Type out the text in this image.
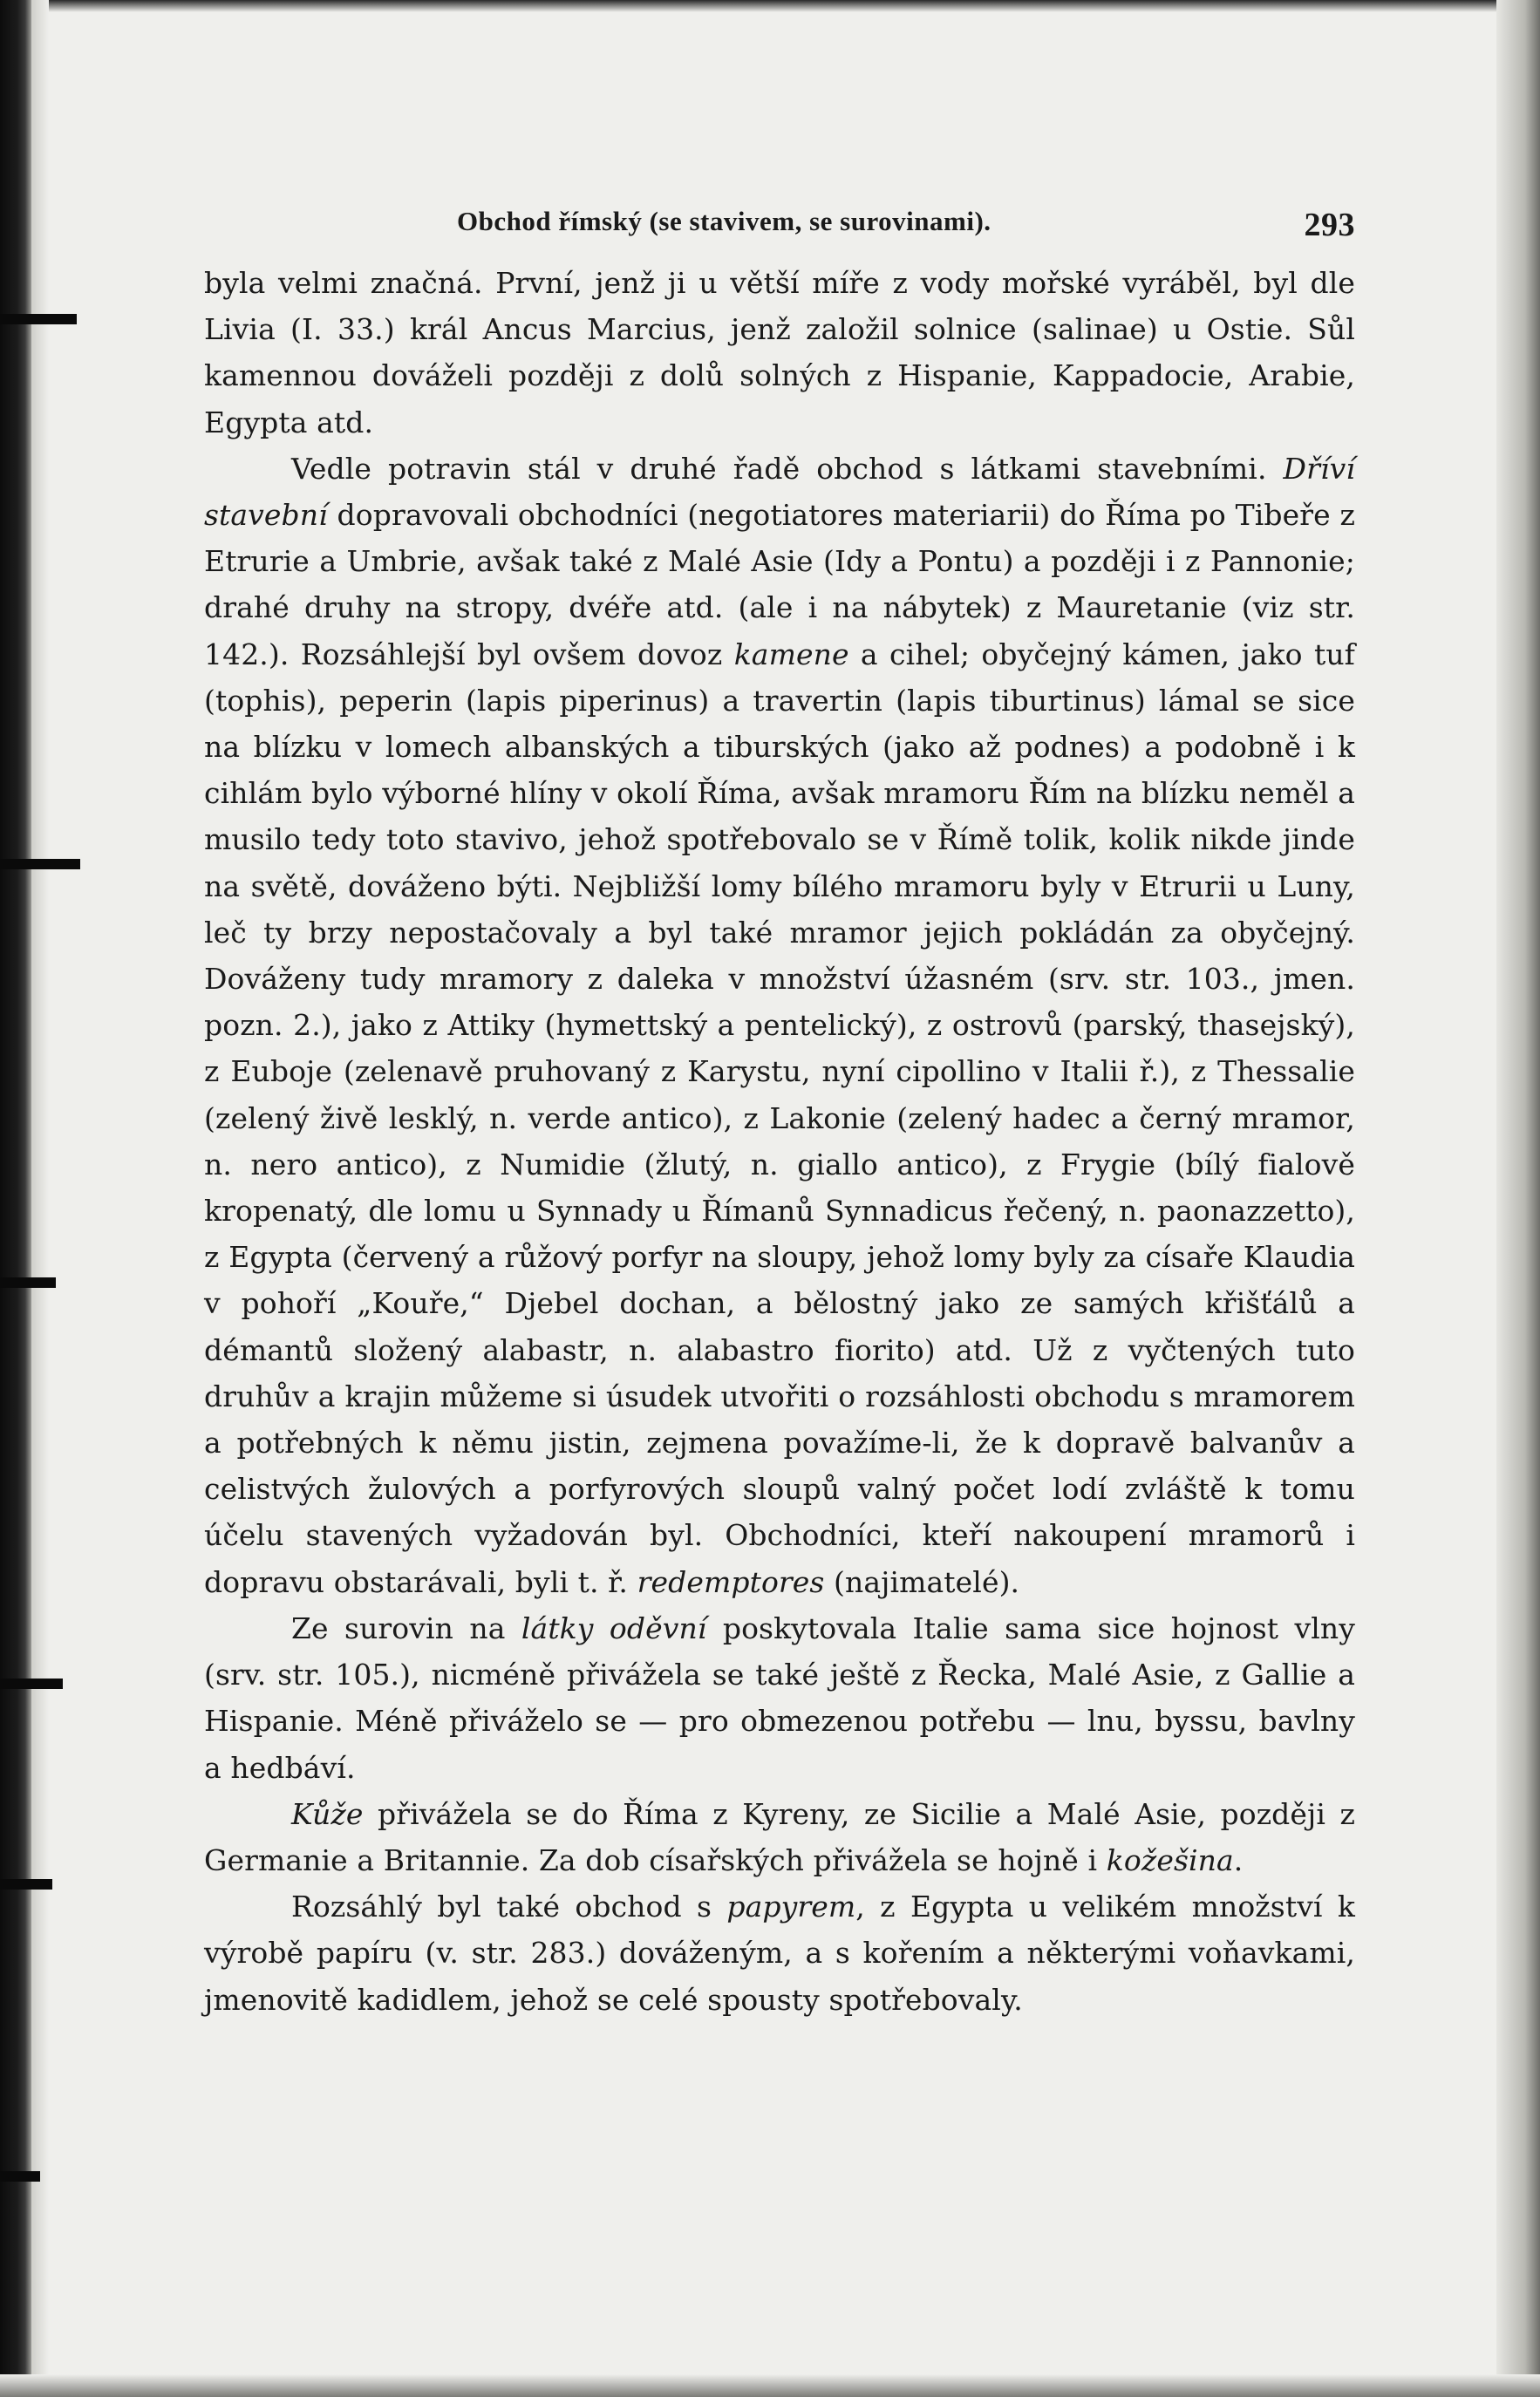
Obchod římský (se stavivem, se surovinami).	293

byla velmi značná. První, jenž ji u větší míře z vody mořské vyráběl, byl dle Livia (I. 33.) král Ancus Marcius, jenž založil solnice (salinae) u Ostie. Sůl kamennou dováželi později z dolů solných z Hispanie, Kappadocie, Arabie, Egypta atd.

Vedle potravin stál v druhé řadě obchod s látkami stavebními. Dříví stavební dopravovali obchodníci (negotiatores materiarii) do Říma po Tibeře z Etrurie a Umbrie, avšak také z Malé Asie (Idy a Pontu) a později i z Pannonie; drahé druhy na stropy, dvéře atd. (ale i na nábytek) z Mauretanie (viz str. 142.). Rozsáhlejší byl ovšem dovoz kamene a cihel; obyčejný kámen, jako tuf (tophis), peperin (lapis piperinus) a travertin (lapis tiburtinus) lámal se sice na blízku v lomech albanských a tiburských (jako až podnes) a podobně i k cihlám bylo výborné hlíny v okolí Říma, avšak mramoru Řím na blízku neměl a musilo tedy toto stavivo, jehož spotřebovalo se v Římě tolik, kolik nikde jinde na světě, dováženo býti. Nejbližší lomy bílého mramoru byly v Etrurii u Luny, leč ty brzy nepostačovaly a byl také mramor jejich pokládán za obyčejný. Dováženy tudy mramory z daleka v množství úžasném (srv. str. 103., jmen. pozn. 2.), jako z Attiky (hymettský a pentelický), z ostrovů (parský, thasejský), z Euboje (zelenavě pruhovaný z Karystu, nyní cipollino v Italii ř.), z Thessalie (zelený živě lesklý, n. verde antico), z Lakonie (zelený hadec a černý mramor, n. nero antico), z Numidie (žlutý, n. giallo antico), z Frygie (bílý fialově kropenatý, dle lomu u Synnady u Římanů Synnadicus řečený, n. paonazzetto), z Egypta (červený a růžový porfyr na sloupy, jehož lomy byly za císaře Klaudia v pohoří „Kouře,“ Djebel dochan, a bělostný jako ze samých křišťálů a démantů složený alabastr, n. alabastro fiorito) atd. Už z vyčtených tuto druhův a krajin můžeme si úsudek utvořiti o rozsáhlosti obchodu s mramorem a potřebných k němu jistin, zejmena považíme-li, že k dopravě balvanův a celistvých žulových a porfyrových sloupů valný počet lodí zvláště k tomu účelu stavených vyžadován byl. Obchodníci, kteří nakoupení mramorů i dopravu obstarávali, byli t. ř. redemptores (najimatelé).

Ze surovin na látky oděvní poskytovala Italie sama sice hojnost vlny (srv. str. 105.), nicméně přivážela se také ještě z Řecka, Malé Asie, z Gallie a Hispanie. Méně přiváželo se — pro obmezenou potřebu — lnu, byssu, bavlny a hedbáví.

Kůže přivážela se do Říma z Kyreny, ze Sicilie a Malé Asie, později z Germanie a Britannie. Za dob císařských přivážela se hojně i kožešina.

Rozsáhlý byl také obchod s papyrem, z Egypta u velikém množství k výrobě papíru (v. str. 283.) dováženým, a s kořením a některými voňavkami, jmenovitě kadidlem, jehož se celé spousty spotřebovaly.
